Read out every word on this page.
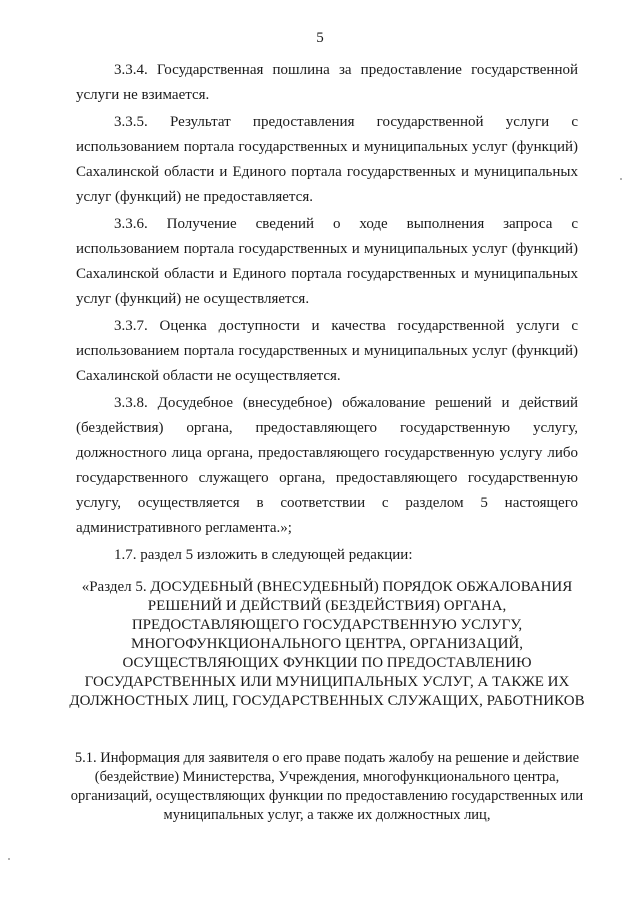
5

3.3.4. Государственная пошлина за предоставление государственной услуги не взимается.

3.3.5. Результат предоставления государственной услуги с использованием портала государственных и муниципальных услуг (функций) Сахалинской области и Единого портала государственных и муниципальных услуг (функций) не предоставляется.

3.3.6. Получение сведений о ходе выполнения запроса с использованием портала государственных и муниципальных услуг (функций) Сахалинской области и Единого портала государственных и муниципальных услуг (функций) не осуществляется.

3.3.7. Оценка доступности и качества государственной услуги с использованием портала государственных и муниципальных услуг (функций) Сахалинской области не осуществляется.

3.3.8. Досудебное (внесудебное) обжалование решений и действий (бездействия) органа, предоставляющего государственную услугу, должностного лица органа, предоставляющего государственную услугу либо государственного служащего органа, предоставляющего государственную услугу, осуществляется в соответствии с разделом 5 настоящего административного регламента.»;

1.7. раздел 5 изложить в следующей редакции:

«Раздел 5. ДОСУДЕБНЫЙ (ВНЕСУДЕБНЫЙ) ПОРЯДОК ОБЖАЛОВАНИЯ РЕШЕНИЙ И ДЕЙСТВИЙ (БЕЗДЕЙСТВИЯ) ОРГАНА, ПРЕДОСТАВЛЯЮЩЕГО ГОСУДАРСТВЕННУЮ УСЛУГУ, МНОГОФУНКЦИОНАЛЬНОГО ЦЕНТРА, ОРГАНИЗАЦИЙ, ОСУЩЕСТВЛЯЮЩИХ ФУНКЦИИ ПО ПРЕДОСТАВЛЕНИЮ ГОСУДАРСТВЕННЫХ ИЛИ МУНИЦИПАЛЬНЫХ УСЛУГ, А ТАКЖЕ ИХ ДОЛЖНОСТНЫХ ЛИЦ, ГОСУДАРСТВЕННЫХ СЛУЖАЩИХ, РАБОТНИКОВ

5.1. Информация для заявителя о его праве подать жалобу на решение и действие (бездействие) Министерства, Учреждения, многофункционального центра, организаций, осуществляющих функции по предоставлению государственных или муниципальных услуг, а также их должностных лиц,
